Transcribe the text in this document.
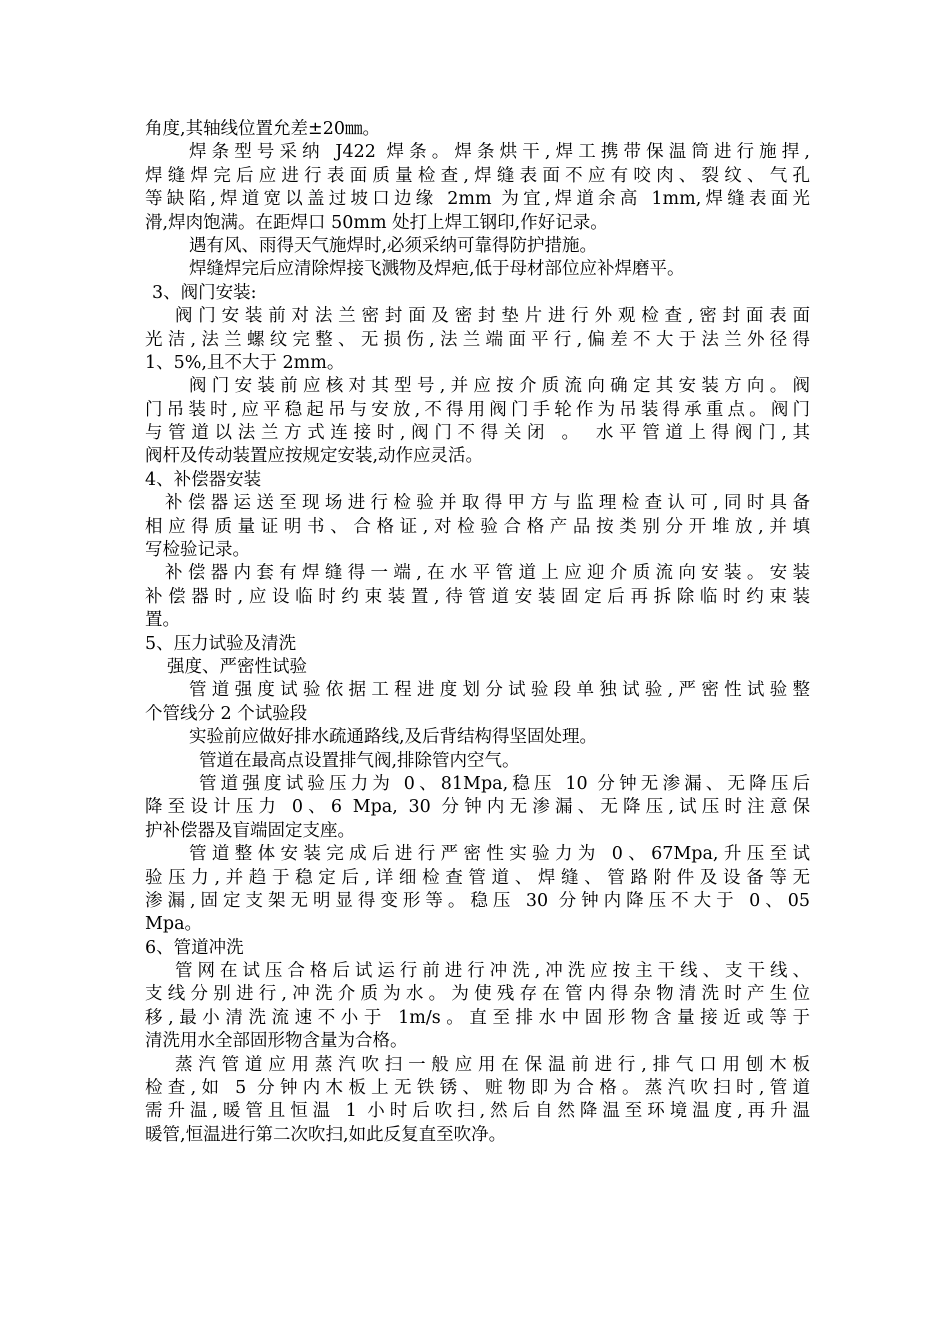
角度,其轴线位置允差±20㎜。
焊条型号采纳 J422 焊条。焊条烘干,焊工携带保温筒进行施捍,
焊缝焊完后应进行表面质量检查,焊缝表面不应有咬肉、裂纹、气孔
等缺陷,焊道宽以盖过坡口边缘 2mm 为宜,焊道余高 1mm,焊缝表面光
滑,焊肉饱满。在距焊口 50mm 处打上焊工钢印,作好记录。
遇有风、雨得天气施焊时,必须采纳可靠得防护措施。
焊缝焊完后应清除焊接飞溅物及焊疤,低于母材部位应补焊磨平。
3、阀门安装:
阀门安装前对法兰密封面及密封垫片进行外观检查,密封面表面
光洁,法兰螺纹完整、无损伤,法兰端面平行,偏差不大于法兰外径得
1、5%,且不大于 2mm。
阀门安装前应核对其型号,并应按介质流向确定其安装方向。阀
门吊装时,应平稳起吊与安放,不得用阀门手轮作为吊装得承重点。阀门
与管道以法兰方式连接时,阀门不得关闭 。 水平管道上得阀门,其
阀杆及传动装置应按规定安装,动作应灵活。
4、补偿器安装
补偿器运送至现场进行检验并取得甲方与监理检查认可,同时具备
相应得质量证明书、合格证,对检验合格产品按类别分开堆放,并填
写检验记录。
补偿器内套有焊缝得一端,在水平管道上应迎介质流向安装。安装
补偿器时,应设临时约束装置,待管道安装固定后再拆除临时约束装
置。
5、压力试验及清洗
强度、严密性试验
管道强度试验依据工程进度划分试验段单独试验,严密性试验整
个管线分 2 个试验段
实验前应做好排水疏通路线,及后背结构得坚固处理。
管道在最高点设置排气阀,排除管内空气。
管道强度试验压力为 0、81Mpa,稳压 10 分钟无渗漏、无降压后
降至设计压力 0、6 Mpa, 30 分钟内无渗漏、无降压,试压时注意保
护补偿器及盲端固定支座。
管道整体安装完成后进行严密性实验力为 0、67Mpa,升压至试
验压力,并趋于稳定后,详细检查管道、焊缝、管路附件及设备等无
渗漏,固定支架无明显得变形等。稳压 30 分钟内降压不大于 0、05
Mpa。
6、管道冲洗
管网在试压合格后试运行前进行冲洗,冲洗应按主干线、支干线、
支线分别进行,冲洗介质为水。为使残存在管内得杂物清洗时产生位
移,最小清洗流速不小于 1m/s。直至排水中固形物含量接近或等于
清洗用水全部固形物含量为合格。
蒸汽管道应用蒸汽吹扫一般应用在保温前进行,排气口用刨木板
检查,如 5 分钟内木板上无铁锈、赃物即为合格。蒸汽吹扫时,管道
需升温,暖管且恒温 1 小时后吹扫,然后自然降温至环境温度,再升温
暖管,恒温进行第二次吹扫,如此反复直至吹净。
